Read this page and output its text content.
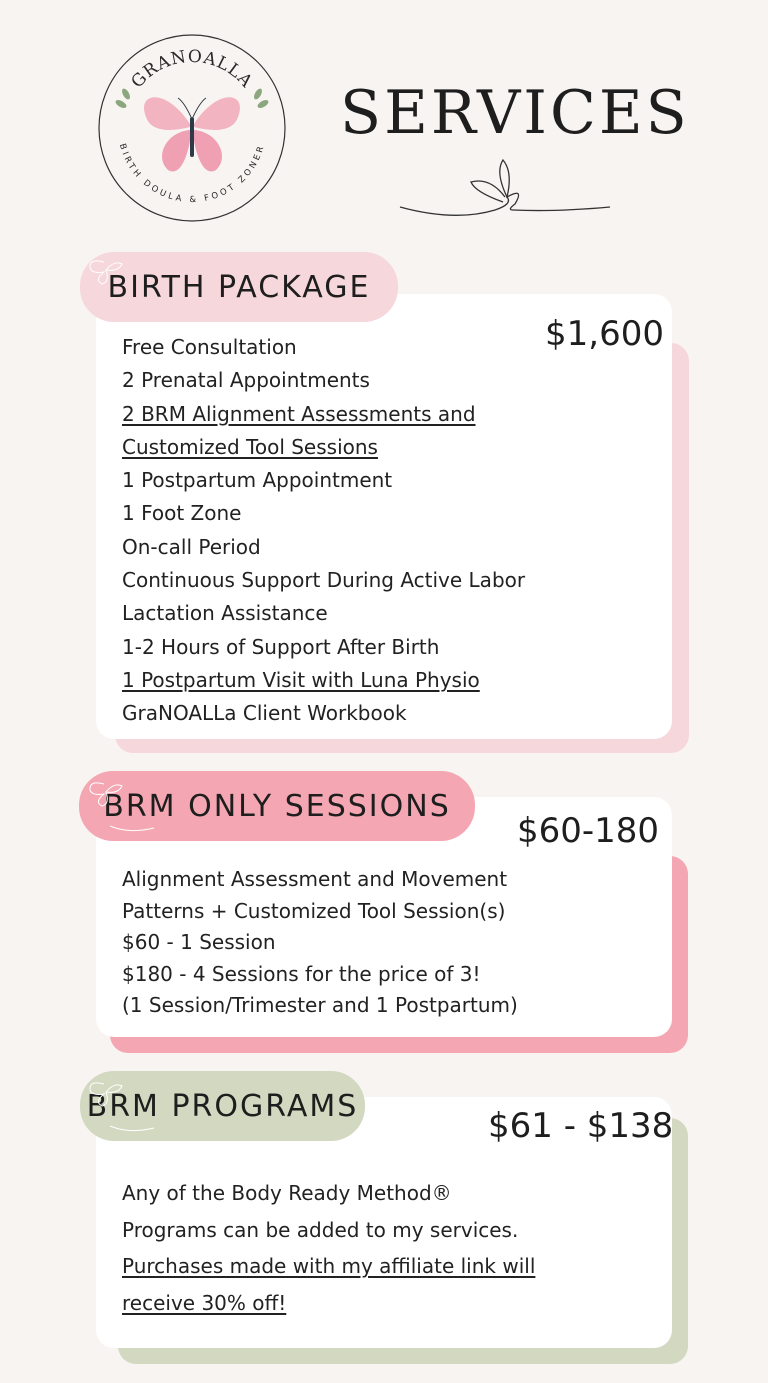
GRANOALLA
BIRTH DOULA & FOOT ZONER
SERVICES
BIRTH PACKAGE
$1,600
Free Consultation
2 Prenatal Appointments
2 BRM Alignment Assessments and
Customized Tool Sessions
1 Postpartum Appointment
1 Foot Zone
On-call Period
Continuous Support During Active Labor
Lactation Assistance
1-2 Hours of Support After Birth
1 Postpartum Visit with Luna Physio
GraNOALLa Client Workbook
BRM ONLY SESSIONS
$60-180
Alignment Assessment and Movement
Patterns + Customized Tool Session(s)
$60 - 1 Session
$180 - 4 Sessions for the price of 3!
(1 Session/Trimester and 1 Postpartum)
BRM PROGRAMS	$61 - $138
Any of the Body Ready Method®
Programs can be added to my services.
Purchases made with my affiliate link will
receive 30% off!
